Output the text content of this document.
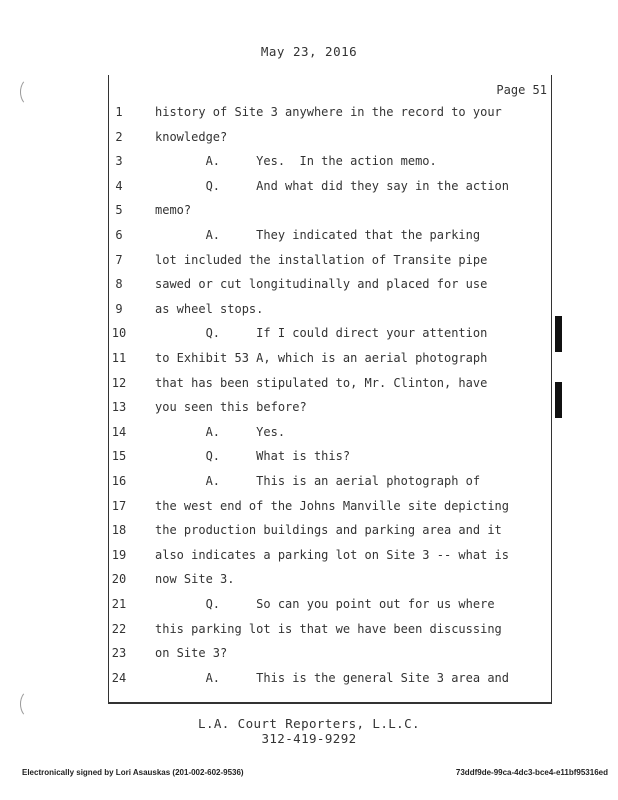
May 23, 2016
Page 51
1	history of Site 3 anywhere in the record to your
2	knowledge?
3	A.     Yes.  In the action memo.
4	Q.     And what did they say in the action
5	memo?
6	A.     They indicated that the parking
7	lot included the installation of Transite pipe
8	sawed or cut longitudinally and placed for use
9	as wheel stops.
10	Q.     If I could direct your attention
11	to Exhibit 53 A, which is an aerial photograph
12	that has been stipulated to, Mr. Clinton, have
13	you seen this before?
14	A.     Yes.
15	Q.     What is this?
16	A.     This is an aerial photograph of
17	the west end of the Johns Manville site depicting
18	the production buildings and parking area and it
19	also indicates a parking lot on Site 3 -- what is
20	now Site 3.
21	Q.     So can you point out for us where
22	this parking lot is that we have been discussing
23	on Site 3?
24	A.     This is the general Site 3 area and
L.A. Court Reporters, L.L.C.
312-419-9292
Electronically signed by Lori Asauskas (201-002-602-9536)	73ddf9de-99ca-4dc3-bce4-e11bf95316ed
